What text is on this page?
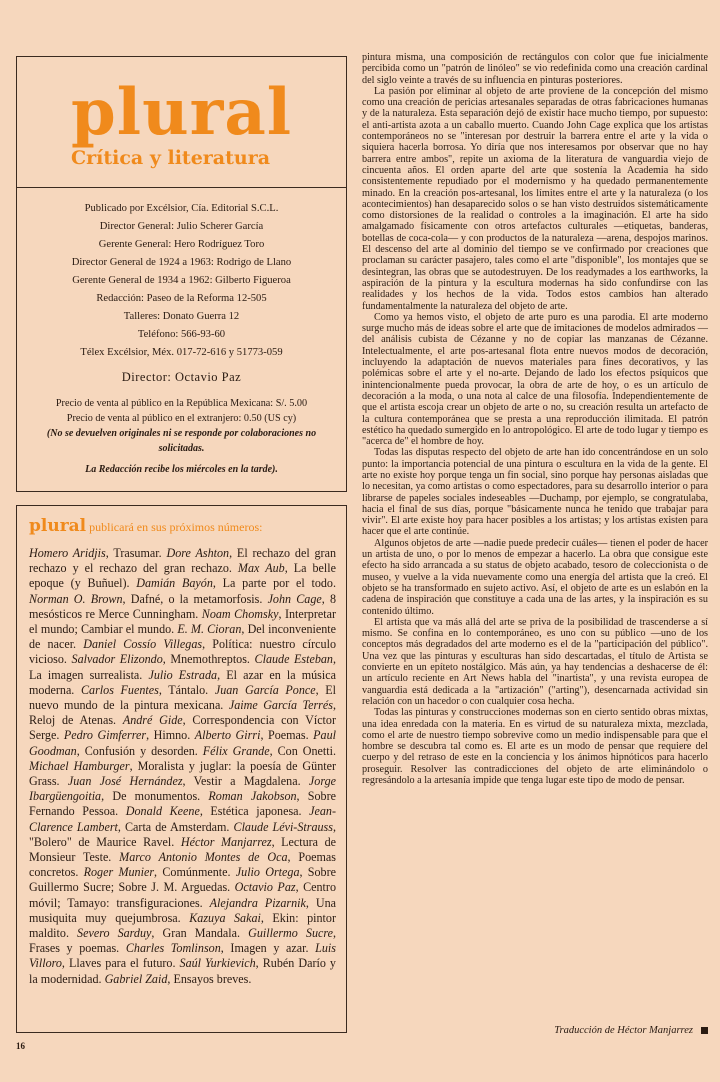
plural
Crítica y literatura
Publicado por Excélsior, Cía. Editorial S.C.L.
Director General: Julio Scherer García
Gerente General: Hero Rodríguez Toro
Director General de 1924 a 1963: Rodrigo de Llano
Gerente General de 1934 a 1962: Gilberto Figueroa
Redacción: Paseo de la Reforma 12-505
Talleres: Donato Guerra 12
Teléfono: 566-93-60
Télex Excélsior, Méx. 017-72-616 y 51773-059
Director: Octavio Paz
Precio de venta al público en la República Mexicana: S/. 5.00
Precio de venta al público en el extranjero: 0.50 (US cy)
(No se devuelven originales ni se responde por colaboraciones no solicitadas.
La Redacción recibe los miércoles en la tarde).
plural publicará en sus próximos números:
Homero Aridjis, Trasumar. Dore Ashton, El rechazo del gran rechazo y el rechazo del gran rechazo. Max Aub, La belle epoque (y Buñuel). Damián Bayón, La parte por el todo. Norman O. Brown, Dafné, o la metamorfosis. John Cage, 8 mesósticos re Merce Cunningham. Noam Chomsky, Interpretar el mundo; Cambiar el mundo. E. M. Cioran, Del inconveniente de nacer. Daniel Cossío Villegas, Política: nuestro círculo vicioso. Salvador Elizondo, Mnemothreptos. Claude Esteban, La imagen surrealista. Julio Estrada, El azar en la música moderna. Carlos Fuentes, Tántalo. Juan García Ponce, El nuevo mundo de la pintura mexicana. Jaime García Terrés, Reloj de Atenas. André Gide, Correspondencia con Víctor Serge. Pedro Gimferrer, Himno. Alberto Girri, Poemas. Paul Goodman, Confusión y desorden. Félix Grande, Con Onetti. Michael Hamburger, Moralista y juglar: la poesía de Günter Grass. Juan José Hernández, Vestir a Magdalena. Jorge Ibargüengoitia, De monumentos. Roman Jakobson, Sobre Fernando Pessoa. Donald Keene, Estética japonesa. Jean-Clarence Lambert, Carta de Amsterdam. Claude Lévi-Strauss, "Bolero" de Maurice Ravel. Héctor Manjarrez, Lectura de Monsieur Teste. Marco Antonio Montes de Oca, Poemas concretos. Roger Munier, Comúnmente. Julio Ortega, Sobre Guillermo Sucre; Sobre J. M. Arguedas. Octavio Paz, Centro móvil; Tamayo: transfiguraciones. Alejandra Pizarnik, Una musiquita muy quejumbrosa. Kazuya Sakai, Ekin: pintor maldito. Severo Sarduy, Gran Mandala. Guillermo Sucre, Frases y poemas. Charles Tomlinson, Imagen y azar. Luis Villoro, Llaves para el futuro. Saúl Yurkievich, Rubén Darío y la modernidad. Gabriel Zaid, Ensayos breves.
16

pintura misma, una composición de rectángulos con color que fue inicialmente percibida como un "patrón de linóleo" se vio redefinida como una creación cardinal del siglo veinte a través de su influencia en pinturas posteriores.

La pasión por eliminar al objeto de arte proviene de la concepción del mismo como una creación de pericias artesanales separadas de otras fabricaciones humanas y de la naturaleza. Esta separación dejó de existir hace mucho tiempo, por supuesto: el anti-artista azota a un caballo muerto. Cuando John Cage explica que los artistas contemporáneos no se "interesan por destruir la barrera entre el arte y la vida o siquiera hacerla borrosa. Yo diría que nos interesamos por observar que no hay barrera entre ambos", repite un axioma de la literatura de vanguardia viejo de cincuenta años. El orden aparte del arte que sostenía la Academia ha sido consistentemente repudiado por el modernismo y ha quedado permanentemente minado. En la creación pos-artesanal, los límites entre el arte y la naturaleza (o los acontecimientos) han desaparecido solos o se han visto destruidos sistemáticamente como distorsiones de la realidad o controles a la imaginación. El arte ha sido amalgamado físicamente con otros artefactos culturales —etiquetas, banderas, botellas de coca-cola— y con productos de la naturaleza —arena, despojos marinos. El descenso del arte al dominio del tiempo se ve confirmado por creaciones que proclaman su carácter pasajero, tales como el arte "disponible", los montajes que se desintegran, las obras que se autodestruyen. De los readymades a los earthworks, la aspiración de la pintura y la escultura modernas ha sido confundirse con las realidades y los hechos de la vida. Todos estos cambios han alterado fundamentalmente la naturaleza del objeto de arte.

Como ya hemos visto, el objeto de arte puro es una parodia. El arte moderno surge mucho más de ideas sobre el arte que de imitaciones de modelos admirados —del análisis cubista de Cézanne y no de copiar las manzanas de Cézanne. Intelectualmente, el arte pos-artesanal flota entre nuevos modos de decoración, incluyendo la adaptación de nuevos materiales para fines decorativos, y las polémicas sobre el arte y el no-arte. Dejando de lado los efectos psíquicos que inintencionalmente pueda provocar, la obra de arte de hoy, o es un artículo de decoración a la moda, o una nota al calce de una filosofía. Independientemente de que el artista escoja crear un objeto de arte o no, su creación resulta un artefacto de la cultura contemporánea que se presta a una reproducción ilimitada. El patrón estético ha quedado sumergido en lo antropológico. El arte de todo lugar y tiempo es "acerca de" el hombre de hoy.

Todas las disputas respecto del objeto de arte han ido concentrándose en un solo punto: la importancia potencial de una pintura o escultura en la vida de la gente. El arte no existe hoy porque tenga un fin social, sino porque hay personas aisladas que lo necesitan, ya como artistas o como espectadores, para su desarrollo interior o para librarse de papeles sociales indeseables —Duchamp, por ejemplo, se congratulaba, hacia el final de sus días, porque "básicamente nunca he tenido que trabajar para vivir". El arte existe hoy para hacer posibles a los artistas; y los artistas existen para hacer que el arte continúe.

Algunos objetos de arte —nadie puede predecir cuáles— tienen el poder de hacer un artista de uno, o por lo menos de empezar a hacerlo. La obra que consigue este efecto ha sido arrancada a su status de objeto acabado, tesoro de coleccionista o de museo, y vuelve a la vida nuevamente como una energía del artista que la creó. El objeto se ha transformado en sujeto activo. Así, el objeto de arte es un eslabón en la cadena de inspiración que constituye a cada una de las artes, y la inspiración es su contenido último.

El artista que va más allá del arte se priva de la posibilidad de trascenderse a sí mismo. Se confina en lo contemporáneo, es uno con su público —uno de los conceptos más degradados del arte moderno es el de la "participación del público". Una vez que las pinturas y esculturas han sido descartadas, el título de Artista se convierte en un epíteto nostálgico. Más aún, ya hay tendencias a deshacerse de él: un artículo reciente en Art News habla del "inartista", y una revista europea de vanguardia está dedicada a la "artización" ("arting"), desencarnada actividad sin relación con un hacedor o con cualquier cosa hecha.

Todas las pinturas y construcciones modernas son en cierto sentido obras mixtas, una idea enredada con la materia. En es virtud de su naturaleza mixta, mezclada, como el arte de nuestro tiempo sobrevive como un medio indispensable para que el hombre se descubra tal como es. El arte es un modo de pensar que requiere del cuerpo y del retraso de este en la conciencia y los ánimos hipnóticos para hacerlo proseguir. Resolver las contradicciones del objeto de arte eliminándolo o regresándolo a la artesanía impide que tenga lugar este tipo de modo de pensar.

Traducción de Héctor Manjarrez
